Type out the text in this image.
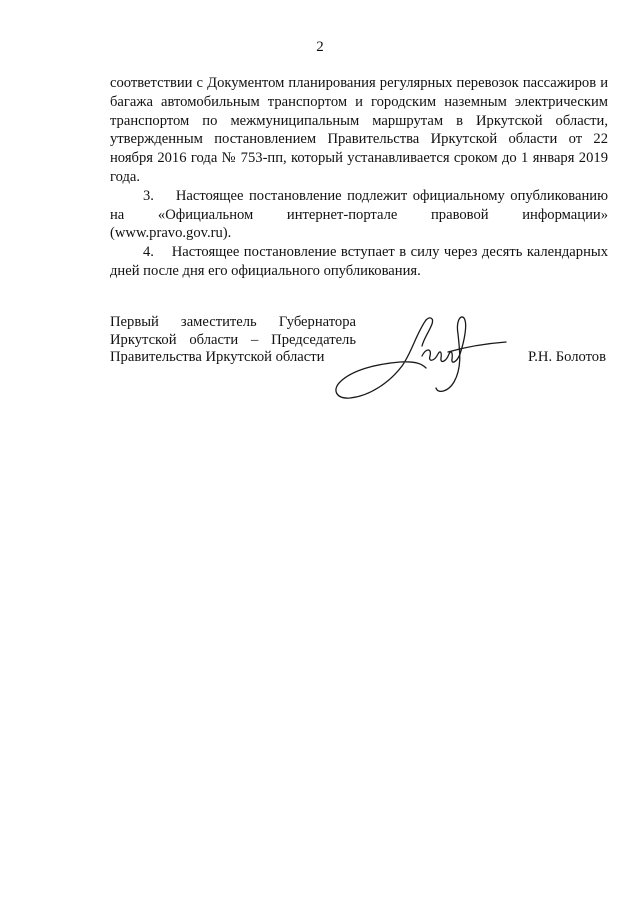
2

соответствии с Документом планирования регулярных перевозок пассажиров и багажа автомобильным транспортом и городским наземным электрическим транспортом по межмуниципальным маршрутам в Иркутской области, утвержденным постановлением Правительства Иркутской области от 22 ноября 2016 года № 753-пп, который устанавливается сроком до 1 января 2019 года.

3.    Настоящее постановление подлежит официальному опубликованию на «Официальном интернет-портале правовой информации» (www.pravo.gov.ru).

4.    Настоящее постановление вступает в силу через десять календарных дней после дня его официального опубликования.

Первый заместитель Губернатора

Иркутской области – Председатель

Правительства Иркутской области	Р.Н. Болотов
